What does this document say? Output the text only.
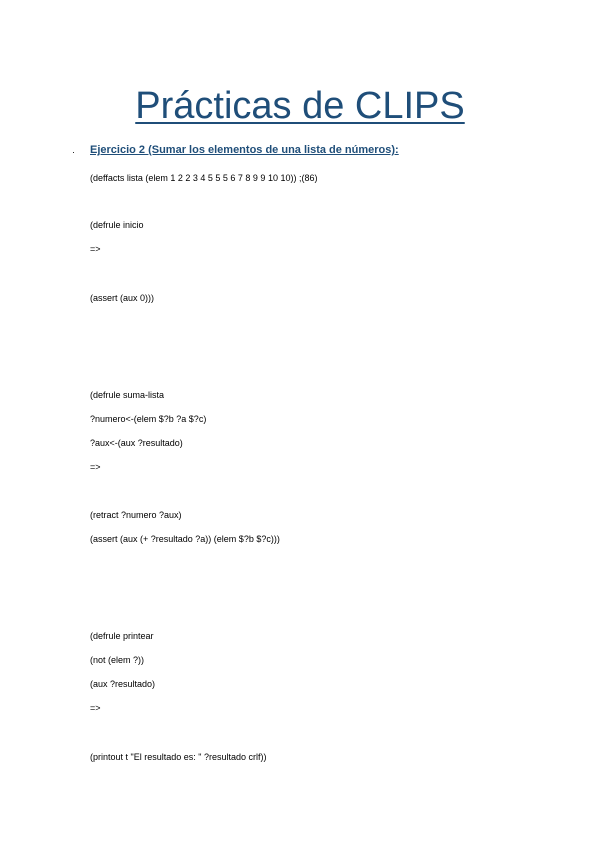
Prácticas de CLIPS
· Ejercicio 2 (Sumar los elementos de una lista de números):
(deffacts lista (elem 1 2 2 3 4 5 5 5 6 7 8 9 9 10 10)) ;(86)
(defrule inicio
=>
(assert (aux 0)))
(defrule suma-lista
?numero<-(elem $?b ?a $?c)
?aux<-(aux ?resultado)
=>
(retract ?numero ?aux)
(assert (aux (+ ?resultado ?a)) (elem $?b $?c)))
(defrule printear
(not (elem ?))
(aux ?resultado)
=>
(printout t "El resultado es: " ?resultado crlf))
